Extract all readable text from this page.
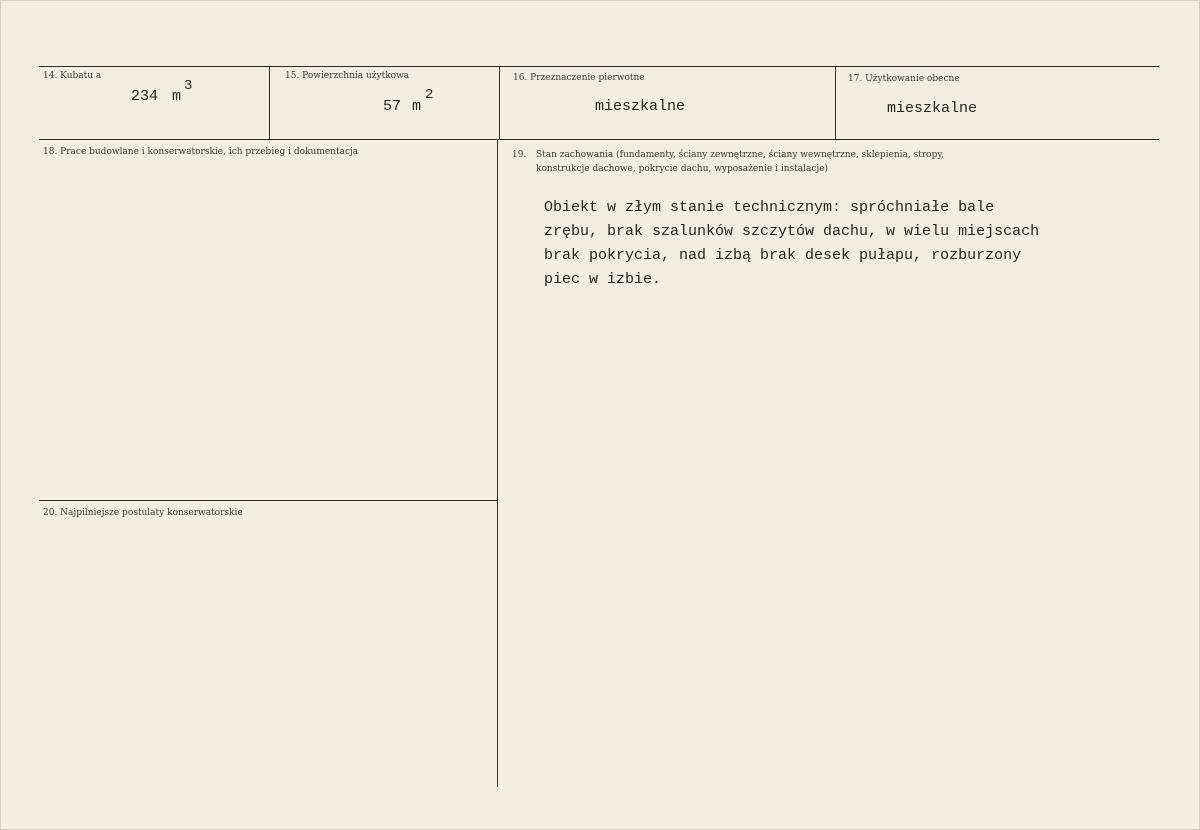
14. Kubatu a
234 m
3
15. Powierzchnia użytkowa
57 m
2
16. Przeznaczenie pierwotne
mieszkalne
17. Użytkowanie obecne
mieszkalne
18. Prace budowlane i konserwatorskie, ich przebieg i dokumentacja	19. Stan zachowania (fundamenty, ściany zewnętrzne, ściany wewnętrzne, sklepienia, stropy,
konstrukcje dachowe, pokrycie dachu, wyposażenie i instalacje)
Obiekt w złym stanie technicznym: spróchniałe bale
zrębu, brak szalunków szczytów dachu, w wielu miejscach
brak pokrycia, nad izbą brak desek pułapu, rozburzony
piec w izbie.
20. Najpilniejsze postulaty konserwatorskie
